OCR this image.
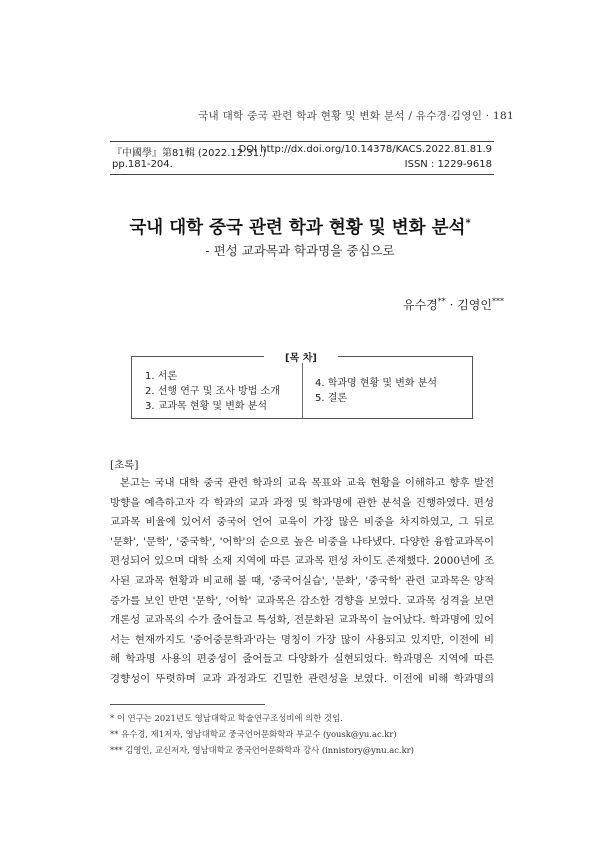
국내 대학 중국 관련 학과 현황 및 변화 분석 / 유수경·김영인 · 181
『中國學』第81輯 (2022.12.31.)
DOI http://dx.doi.org/10.14378/KACS.2022.81.81.9
pp.181-204.	ISSN : 1229-9618
국내 대학 중국 관련 학과 현황 및 변화 분석*
- 편성 교과목과 학과명을 중심으로
유수경** · 김영인***
[목 차]
1. 서론
2. 선행 연구 및 조사 방법 소개
3. 교과목 현황 및 변화 분석
4. 학과명 현황 및 변화 분석
5. 결론
[초록]
본고는 국내 대학 중국 관련 학과의 교육 목표와 교육 현황을 이해하고 향후 발전
방향을 예측하고자 각 학과의 교과 과정 및 학과명에 관한 분석을 진행하였다. 편성
교과목 비율에 있어서 중국어 언어 교육이 가장 많은 비중을 차지하였고, 그 뒤로
'문화', '문학', '중국학', '어학'의 순으로 높은 비중을 나타냈다. 다양한 융합교과목이
편성되어 있으며 대학 소재 지역에 따른 교과목 편성 차이도 존재했다. 2000년에 조
사된 교과목 현황과 비교해 볼 때, '중국어실습', '문화', '중국학' 관련 교과목은 양적
증가를 보인 반면 '문학', '어학' 교과목은 감소한 경향을 보였다. 교과목 성격을 보면
개론성 교과목의 수가 줄어들고 특성화, 전문화된 교과목이 늘어났다. 학과명에 있어
서는 현재까지도 '중어중문학과'라는 명칭이 가장 많이 사용되고 있지만, 이전에 비
해 학과명 사용의 편중성이 줄어들고 다양화가 실현되었다. 학과명은 지역에 따른
경향성이 뚜렷하며 교과 과정과도 긴밀한 관련성을 보였다. 이전에 비해 학과명의
* 이 연구는 2021년도 영남대학교 학술연구조성비에 의한 것임.
** 유수경, 제1저자, 영남대학교 중국언어문화학과 부교수 (yousk@yu.ac.kr)
*** 김영인, 교신저자, 영남대학교 중국언어문화학과 강사 (innistory@ynu.ac.kr)
